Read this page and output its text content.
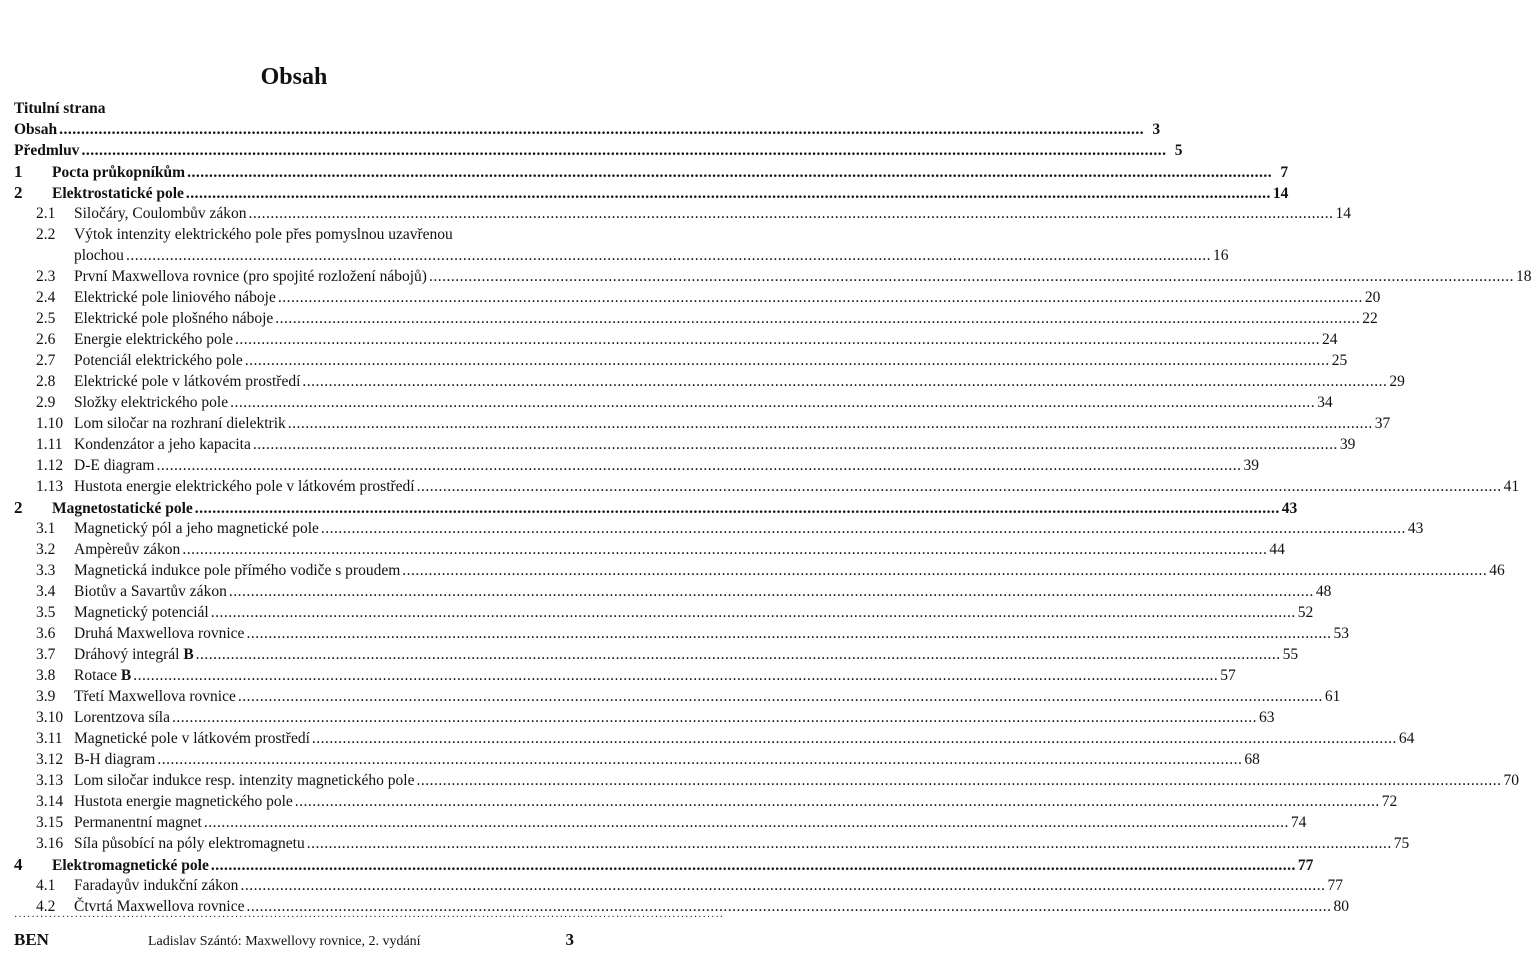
Obsah
Titulní strana
Obsah .....	3
Předmluv .....	5
1	Pocta průkopníkům .....	7
2	Elektrostatické pole .....	14
2.1	Siločáry, Coulombův zákon .....	14
2.2	Výtok intenzity elektrického pole přes pomyslnou uzavřenou
plochou .....	16
2.3	První Maxwellova rovnice (pro spojité rozložení nábojů) .....	18
2.4	Elektrické pole liniového náboje .....	20
2.5	Elektrické pole plošného náboje .....	22
2.6	Energie elektrického pole .....	24
2.7	Potenciál elektrického pole .....	25
2.8	Elektrické pole v látkovém prostředí .....	29
2.9	Složky elektrického pole .....	34
1.10 Lom siločar na rozhraní dielektrik .....	37
1.11 Kondenzátor a jeho kapacita .....	39
1.12 D-E diagram .....	39
1.13 Hustota energie elektrického pole v látkovém prostředí .....	41
2	Magnetostatické pole .....	43
3.1	Magnetický pól a jeho magnetické pole .....	43
3.2	Ampèreův zákon .....	44
3.3	Magnetická indukce pole přímého vodiče s proudem .....	46
3.4	Biotův a Savartův zákon .....	48
3.5	Magnetický potenciál .....	52
3.6	Druhá Maxwellova rovnice .....	53
3.7	Dráhový integrál B .....	55
3.8	Rotace B .....	57
3.9	Třetí Maxwellova rovnice .....	61
3.10 Lorentzova síla .....	63
3.11 Magnetické pole v látkovém prostředí .....	64
3.12 B-H diagram .....	68
3.13 Lom siločar indukce resp. intenzity magnetického pole .....	70
3.14 Hustota energie magnetického pole .....	72
3.15 Permanentní magnet .....	74
3.16 Síla působící na póly elektromagnetu .....	75
4	Elektromagnetické pole .....	77
4.1	Faradayův indukční zákon .....	77
4.2	Čtvrtá Maxwellova rovnice .....	80
····································································································································································
BEN	Ladislav Szántó: Maxwellovy rovnice, 2. vydání	3
